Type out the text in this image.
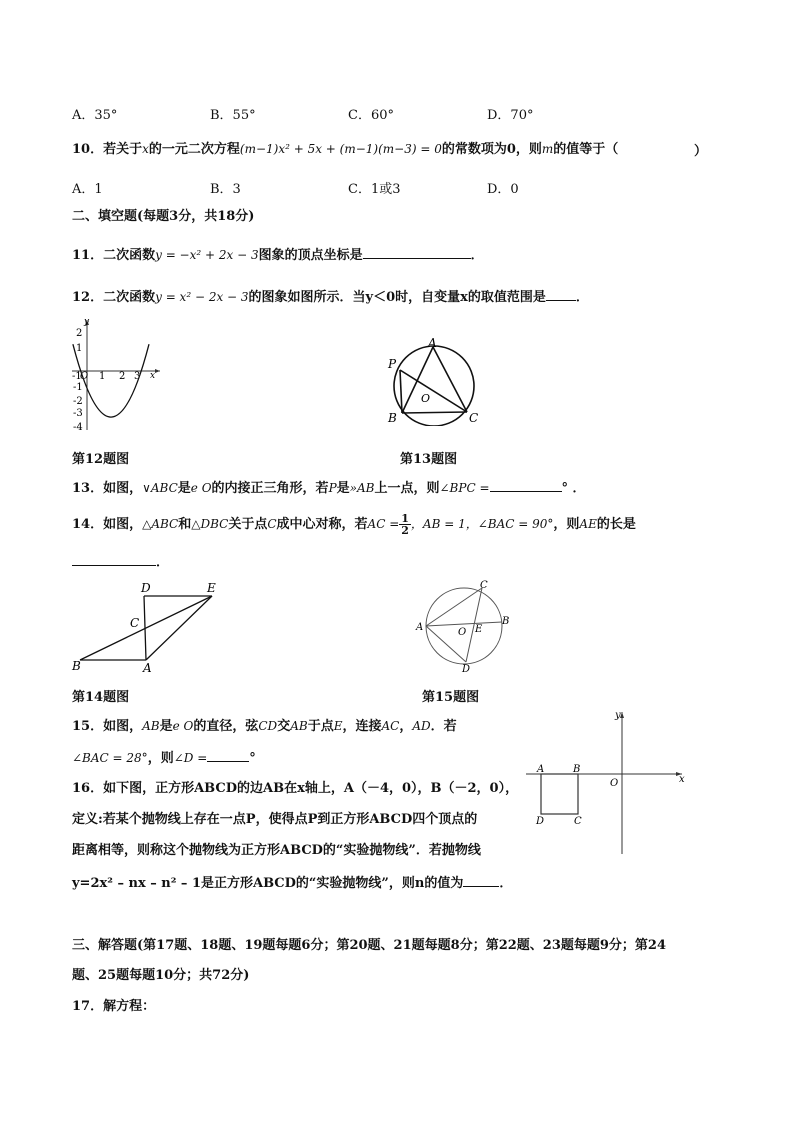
A．35°	B．55°	C．60°	D．70°
10．若关于x的一元二次方程(m−1)x² + 5x + (m−1)(m−3) = 0的常数项为0，则m的值等于（	）
A．1	B．3	C．1或3	D．0
二、填空题(每题3分，共18分)
11．二次函数y = −x² + 2x − 3图象的顶点坐标是	．
12．二次函数y = x² − 2x − 3的图象如图所示．当y＜0时，自变量x的取值范围是 ．
y
x
O
2
1
-1
-2
-3
-4
-1 1 2 3
第12题图
P
A
B	C
O
第13题图
13．如图，∨ABC是e O的内接正三角形，若P是»AB上一点，则∠BPC =	° ．
14．如图，△ABC和△DBC关于点C成中心对称，若AC = $\frac{1}{2}$ ，AB = 1，∠BAC = 90°，则AE的长是
．
D	E
C
B	A
第14题图
C
A	O E
B
D
第15题图
15．如图，AB是e O的直径，弦CD交AB于点E，连接AC，AD．若
∠BAC = 28°，则∠D =	°
16．如下图，正方形ABCD的边AB在x轴上，A（－4，0），B（－2，0），
定义:若某个抛物线上存在一点P，使得点P到正方形ABCD四个顶点的
距离相等，则称这个抛物线为正方形ABCD的“实验抛物线”．若抛物线
y=2x² – nx – n² – 1是正方形ABCD的“实验抛物线”，则n的值为	．
y
A	B
O	x
D	C
三、解答题(第17题、18题、19题每题6分；第20题、21题每题8分；第22题、23题每题9分；第24
题、25题每题10分；共72分)
17．解方程：
